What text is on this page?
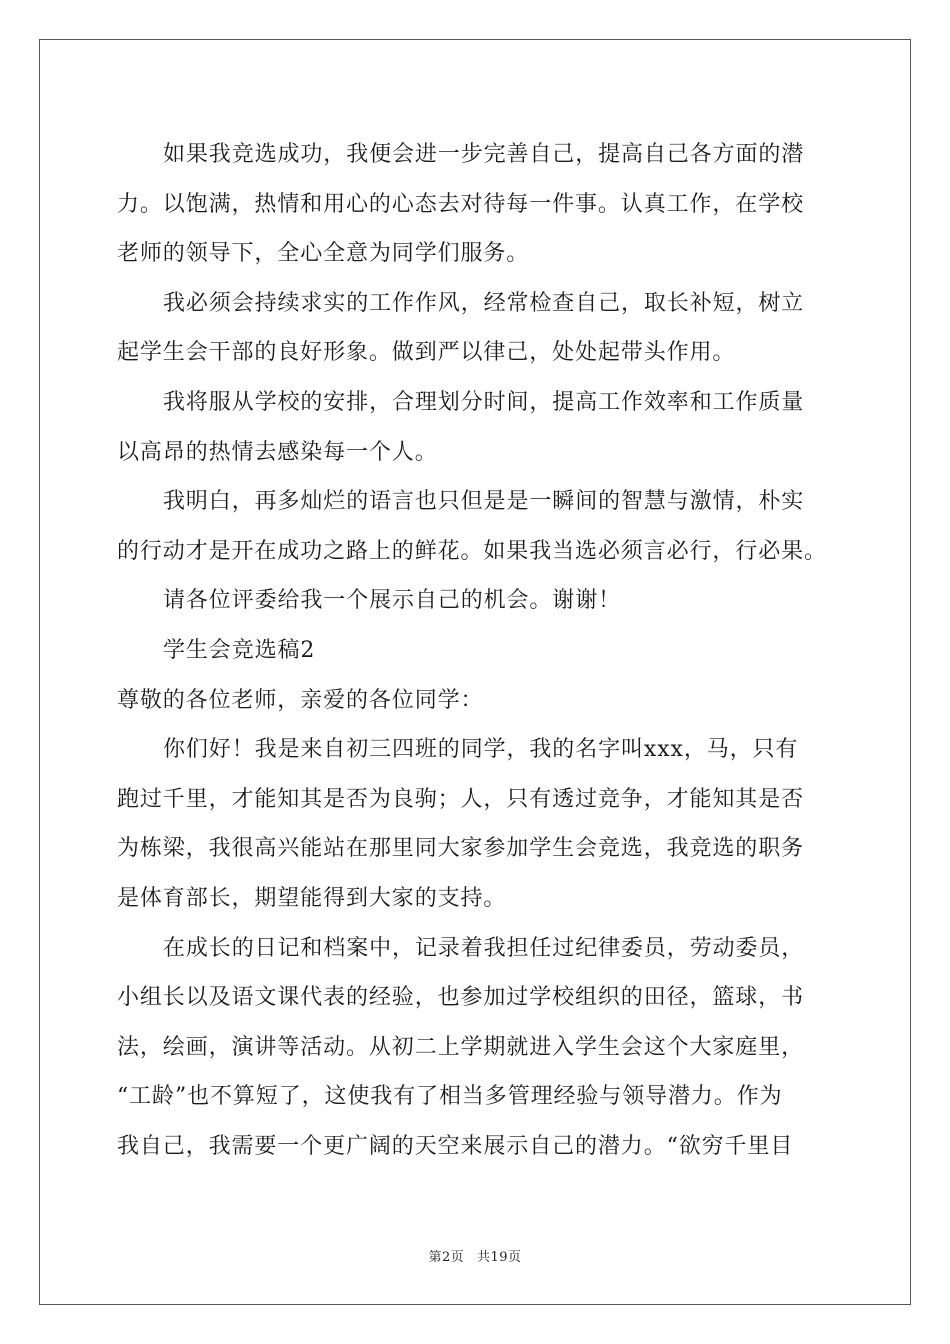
如果我竞选成功，我便会进一步完善自己，提高自己各方面的潜
力。以饱满，热情和用心的心态去对待每一件事。认真工作，在学校
老师的领导下，全心全意为同学们服务。
我必须会持续求实的工作作风，经常检查自己，取长补短，树立
起学生会干部的良好形象。做到严以律己，处处起带头作用。
我将服从学校的安排，合理划分时间，提高工作效率和工作质量
以高昂的热情去感染每一个人。
我明白，再多灿烂的语言也只但是是一瞬间的智慧与激情，朴实
的行动才是开在成功之路上的鲜花。如果我当选必须言必行，行必果。
请各位评委给我一个展示自己的机会。谢谢！
学生会竞选稿2
尊敬的各位老师，亲爱的各位同学：
你们好！我是来自初三四班的同学，我的名字叫xxx，马，只有
跑过千里，才能知其是否为良驹；人，只有透过竞争，才能知其是否
为栋梁，我很高兴能站在那里同大家参加学生会竞选，我竞选的职务
是体育部长，期望能得到大家的支持。
在成长的日记和档案中，记录着我担任过纪律委员，劳动委员，
小组长以及语文课代表的经验，也参加过学校组织的田径，篮球，书
法，绘画，演讲等活动。从初二上学期就进入学生会这个大家庭里，
“工龄”也不算短了，这使我有了相当多管理经验与领导潜力。作为
我自己，我需要一个更广阔的天空来展示自己的潜力。“欲穷千里目
第2页 共19页
